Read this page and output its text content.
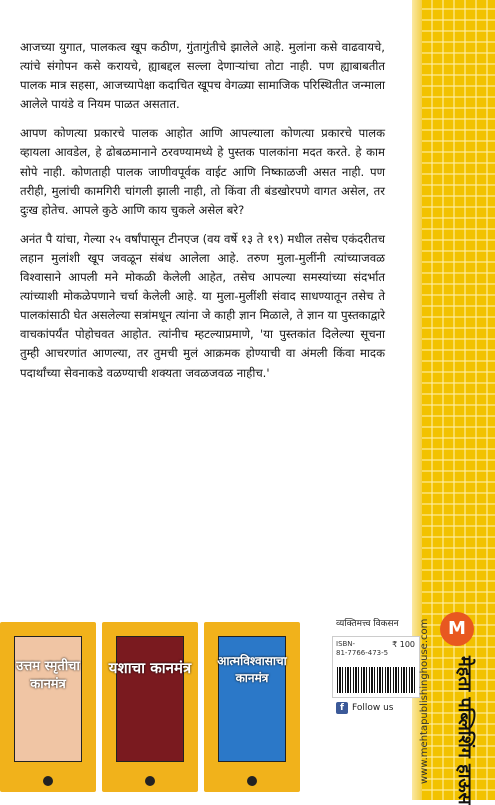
आजच्या युगात, पालकत्व खूप कठीण, गुंतागुंतीचे झालेले आहे. मुलांना कसे वाढवायचे, त्यांचे संगोपन कसे करायचे, ह्याबद्दल सल्ला देणाऱ्यांचा तोटा नाही. पण ह्याबाबतीत पालक मात्र सहसा, आजच्यापेक्षा कदाचित खूपच वेगळ्या सामाजिक परिस्थितीत जन्माला आलेले पायंडे व नियम पाळत असतात.

आपण कोणत्या प्रकारचे पालक आहोत आणि आपल्याला कोणत्या प्रकारचे पालक व्हायला आवडेल, हे ढोबळमानाने ठरवण्यामध्ये हे पुस्तक पालकांना मदत करते. हे काम सोपे नाही. कोणताही पालक जाणीवपूर्वक वाईट आणि निष्काळजी असत नाही. पण तरीही, मुलांची कामगिरी चांगली झाली नाही, तो किंवा ती बंडखोरपणे वागत असेल, तर दुःख होतेच. आपले कुठे आणि काय चुकले असेल बरे?

अनंत पै यांचा, गेल्या २५ वर्षांपासून टीनएज (वय वर्षे १३ ते १९) मधील तसेच एकंदरीतच लहान मुलांशी खूप जवळून संबंध आलेला आहे. तरुण मुला-मुलींनी त्यांच्याजवळ विश्वासाने आपली मने मोकळी केलेली आहेत, तसेच आपल्या समस्यांच्या संदर्भात त्यांच्याशी मोकळेपणाने चर्चा केलेली आहे. या मुला-मुलींशी संवाद साधण्यातून तसेच ते पालकांसाठी घेत असलेल्या सत्रांमधून त्यांना जे काही ज्ञान मिळाले, ते ज्ञान या पुस्तकाद्वारे वाचकांपर्यंत पोहोचवत आहोत. त्यांनीच म्हटल्याप्रमाणे, 'या पुस्तकांत दिलेल्या सूचना तुम्ही आचरणांत आणल्या, तर तुमची मुलं आक्रमक होण्याची वा अंमली किंवा मादक पदार्थांच्या सेवनाकडे वळण्याची शक्यता जवळजवळ नाहीच.'

उत्तम स्मृतीचा कानमंत्र
यशाचा कानमंत्र	आत्मविश्वासाचा कानमंत्र
व्यक्तिमत्त्व विकसन
ISBN-
81-7766-473-5
₹ 100
f Follow us	www.mehtapublishinghouse.com	M
मेहता पब्लिशिंग हाऊस
